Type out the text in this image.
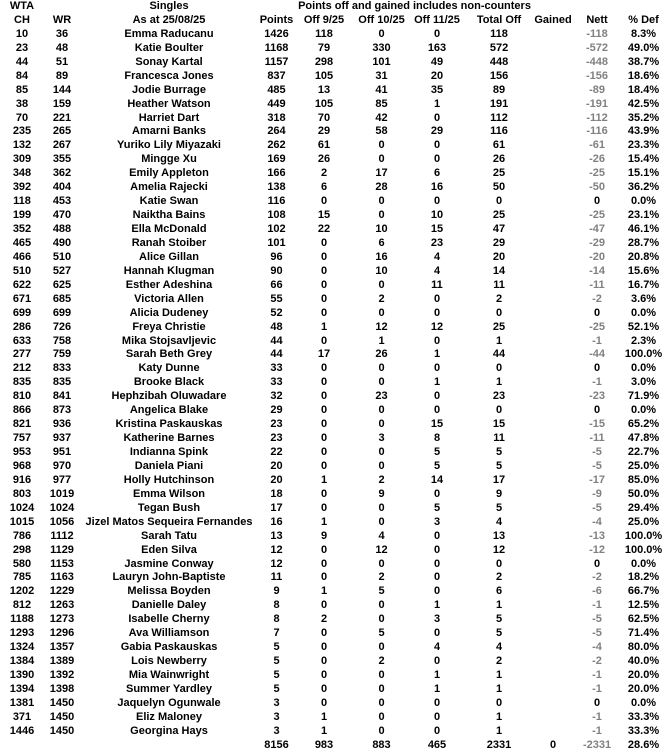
WTA		Singles		Points off and gained includes non-counters						
CH	WR	As at 25/08/25	Points	Off 9/25	Off 10/25	Off 11/25	Total Off	Gained	Nett	% Def
10	36	Emma Raducanu	1426	118	0	0	118		-118	8.3%
23	48	Katie Boulter	1168	79	330	163	572		-572	49.0%
44	51	Sonay Kartal	1157	298	101	49	448		-448	38.7%
84	89	Francesca Jones	837	105	31	20	156		-156	18.6%
85	144	Jodie Burrage	485	13	41	35	89		-89	18.4%
38	159	Heather Watson	449	105	85	1	191		-191	42.5%
70	221	Harriet Dart	318	70	42	0	112		-112	35.2%
235	265	Amarni Banks	264	29	58	29	116		-116	43.9%
132	267	Yuriko Lily Miyazaki	262	61	0	0	61		-61	23.3%
309	355	Mingge Xu	169	26	0	0	26		-26	15.4%
348	362	Emily Appleton	166	2	17	6	25		-25	15.1%
392	404	Amelia Rajecki	138	6	28	16	50		-50	36.2%
118	453	Katie Swan	116	0	0	0	0		0	0.0%
199	470	Naiktha Bains	108	15	0	10	25		-25	23.1%
352	488	Ella McDonald	102	22	10	15	47		-47	46.1%
465	490	Ranah Stoiber	101	0	6	23	29		-29	28.7%
466	510	Alice Gillan	96	0	16	4	20		-20	20.8%
510	527	Hannah Klugman	90	0	10	4	14		-14	15.6%
622	625	Esther Adeshina	66	0	0	11	11		-11	16.7%
671	685	Victoria Allen	55	0	2	0	2		-2	3.6%
699	699	Alicia Dudeney	52	0	0	0	0		0	0.0%
286	726	Freya Christie	48	1	12	12	25		-25	52.1%
633	758	Mika Stojsavljevic	44	0	1	0	1		-1	2.3%
277	759	Sarah Beth Grey	44	17	26	1	44		-44	100.0%
212	833	Katy Dunne	33	0	0	0	0		0	0.0%
835	835	Brooke Black	33	0	0	1	1		-1	3.0%
810	841	Hephzibah Oluwadare	32	0	23	0	23		-23	71.9%
866	873	Angelica Blake	29	0	0	0	0		0	0.0%
821	936	Kristina Paskauskas	23	0	0	15	15		-15	65.2%
757	937	Katherine Barnes	23	0	3	8	11		-11	47.8%
953	951	Indianna Spink	22	0	0	5	5		-5	22.7%
968	970	Daniela Piani	20	0	0	5	5		-5	25.0%
916	977	Holly Hutchinson	20	1	2	14	17		-17	85.0%
803	1019	Emma Wilson	18	0	9	0	9		-9	50.0%
1024	1024	Tegan Bush	17	0	0	5	5		-5	29.4%
1015	1056	Jizel Matos Sequeira Fernandes	16	1	0	3	4		-4	25.0%
786	1112	Sarah Tatu	13	9	4	0	13		-13	100.0%
298	1129	Eden Silva	12	0	12	0	12		-12	100.0%
580	1153	Jasmine Conway	12	0	0	0	0		0	0.0%
785	1163	Lauryn John-Baptiste	11	0	2	0	2		-2	18.2%
1202	1229	Melissa Boyden	9	1	5	0	6		-6	66.7%
812	1263	Danielle Daley	8	0	0	1	1		-1	12.5%
1188	1273	Isabelle Cherny	8	2	0	3	5		-5	62.5%
1293	1296	Ava Williamson	7	0	5	0	5		-5	71.4%
1324	1357	Gabia Paskauskas	5	0	0	4	4		-4	80.0%
1384	1389	Lois Newberry	5	0	2	0	2		-2	40.0%
1390	1392	Mia Wainwright	5	0	0	1	1		-1	20.0%
1394	1398	Summer Yardley	5	0	0	1	1		-1	20.0%
1381	1450	Jaquelyn Ogunwale	3	0	0	0	0		0	0.0%
371	1450	Eliz Maloney	3	1	0	0	1		-1	33.3%
1446	1450	Georgina Hays	3	1	0	0	1		-1	33.3%
			8156	983	883	465	2331	0	-2331	28.6%
